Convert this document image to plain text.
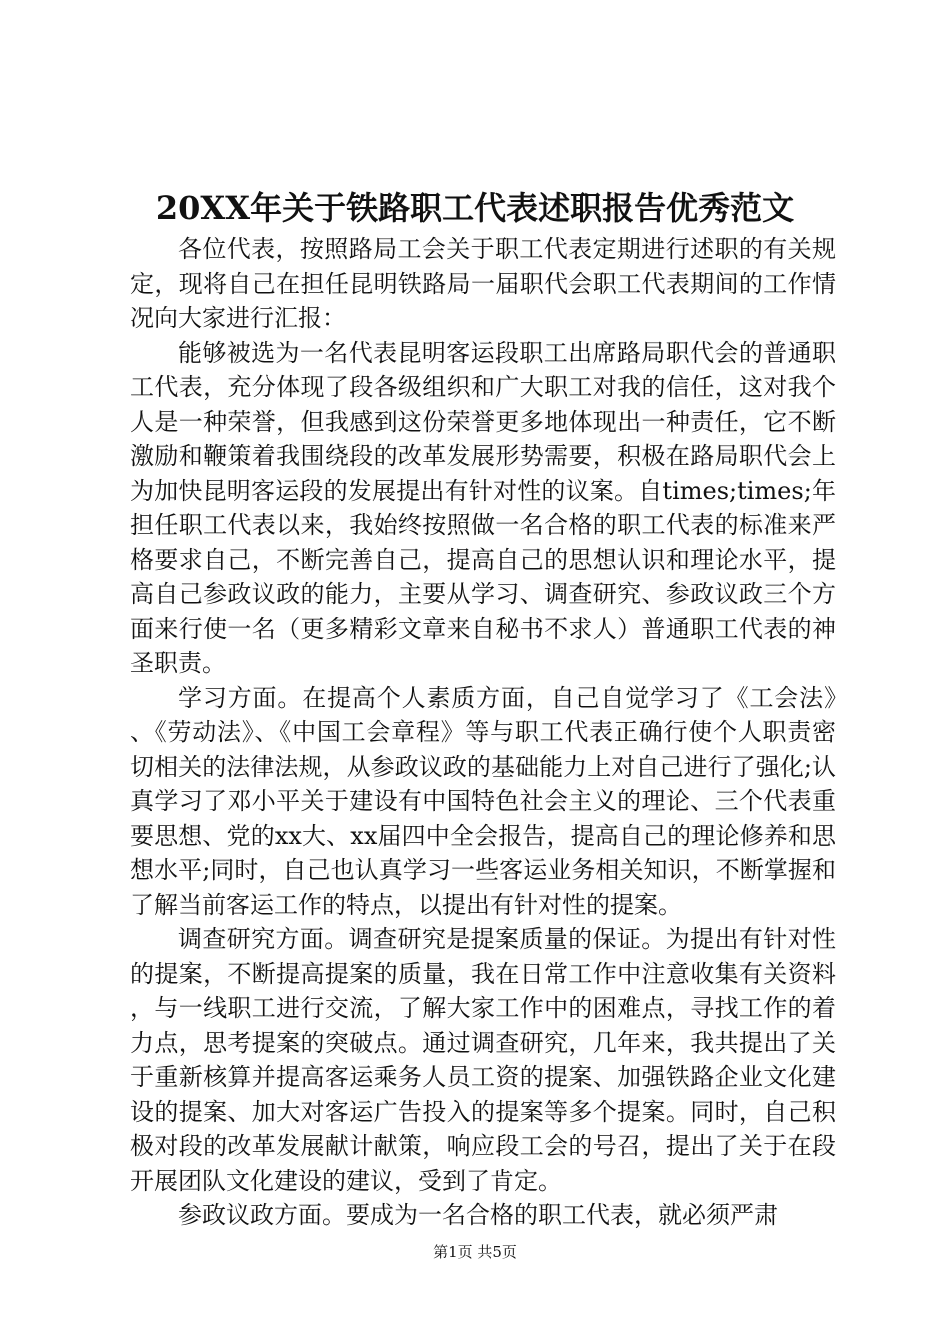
20XX年关于铁路职工代表述职报告优秀范文

各位代表，按照路局工会关于职工代表定期进行述职的有关规定，现将自己在担任昆明铁路局一届职代会职工代表期间的工作情况向大家进行汇报：

能够被选为一名代表昆明客运段职工出席路局职代会的普通职工代表，充分体现了段各级组织和广大职工对我的信任，这对我个人是一种荣誉，但我感到这份荣誉更多地体现出一种责任，它不断激励和鞭策着我围绕段的改革发展形势需要，积极在路局职代会上为加快昆明客运段的发展提出有针对性的议案。自times;times;年担任职工代表以来，我始终按照做一名合格的职工代表的标准来严格要求自己，不断完善自己，提高自己的思想认识和理论水平，提高自己参政议政的能力，主要从学习、调查研究、参政议政三个方面来行使一名（更多精彩文章来自秘书不求人）普通职工代表的神圣职责。

学习方面。在提高个人素质方面，自己自觉学习了《工会法》、《劳动法》、《中国工会章程》等与职工代表正确行使个人职责密切相关的法律法规，从参政议政的基础能力上对自己进行了强化;认真学习了邓小平关于建设有中国特色社会主义的理论、三个代表重要思想、党的xx大、xx届四中全会报告，提高自己的理论修养和思想水平;同时，自己也认真学习一些客运业务相关知识，不断掌握和了解当前客运工作的特点，以提出有针对性的提案。

调查研究方面。调查研究是提案质量的保证。为提出有针对性的提案，不断提高提案的质量，我在日常工作中注意收集有关资料，与一线职工进行交流，了解大家工作中的困难点，寻找工作的着力点，思考提案的突破点。通过调查研究，几年来，我共提出了关于重新核算并提高客运乘务人员工资的提案、加强铁路企业文化建设的提案、加大对客运广告投入的提案等多个提案。同时，自己积极对段的改革发展献计献策，响应段工会的号召，提出了关于在段开展团队文化建设的建议，受到了肯定。

参政议政方面。要成为一名合格的职工代表，就必须严肃

第1页 共5页
